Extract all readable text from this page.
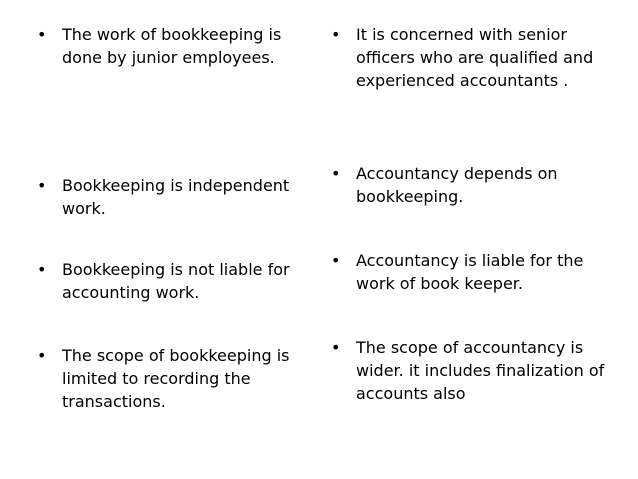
• The work of bookkeeping is done by junior employees.
• Bookkeeping is independent work.
• Bookkeeping is not liable for accounting work.
• The scope of bookkeeping is limited to recording the transactions.
• It is concerned with senior officers who are qualified and experienced accountants .
• Accountancy depends on bookkeeping.
• Accountancy is liable for the work of book keeper.
• The scope of accountancy is wider. it includes finalization of accounts also
